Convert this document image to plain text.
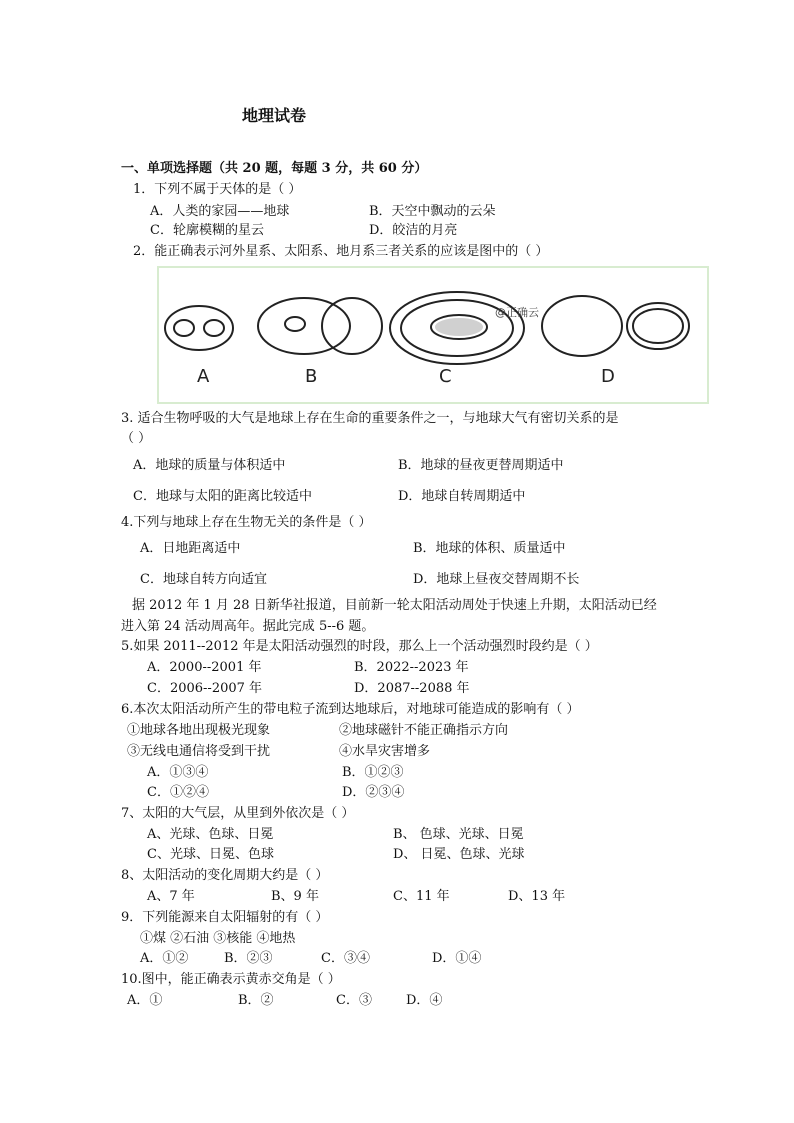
地理试卷
一、单项选择题（共 20 题，每题 3 分，共 60 分）
1．下列不属于天体的是（ ）
A．人类的家园——地球	B．天空中飘动的云朵
C．轮廓模糊的星云	D．皎洁的月亮
2．能正确表示河外星系、太阳系、地月系三者关系的应该是图中的（ ）
A	B	C	D
@正确云
3. 适合生物呼吸的大气是地球上存在生命的重要条件之一，与地球大气有密切关系的是
（ ）
A．地球的质量与体积适中	B．地球的昼夜更替周期适中
C．地球与太阳的距离比较适中	D．地球自转周期适中
4.下列与地球上存在生物无关的条件是（ ）
A．日地距离适中	B．地球的体积、质量适中
C．地球自转方向适宜	D．地球上昼夜交替周期不长
据 2012 年 1 月 28 日新华社报道，目前新一轮太阳活动周处于快速上升期，太阳活动已经
进入第 24 活动周高年。据此完成 5--6 题。
5.如果 2011--2012 年是太阳活动强烈的时段，那么上一个活动强烈时段约是（ ）
A．2000--2001 年	B．2022--2023 年
C．2006--2007 年	D．2087--2088 年
6.本次太阳活动所产生的带电粒子流到达地球后，对地球可能造成的影响有（ ）
①地球各地出现极光现象	②地球磁针不能正确指示方向
③无线电通信将受到干扰	④水旱灾害增多
A．①③④	B．①②③
C．①②④	D．②③④
7、太阳的大气层，从里到外依次是（ ）
A、光球、色球、日冕	B、 色球、光球、日冕
C、光球、日冕、色球	D、 日冕、色球、光球
8、太阳活动的变化周期大约是（ ）
A、7 年	B、9 年	C、11 年	D、13 年
9．下列能源来自太阳辐射的有（ ）
①煤 ②石油 ③核能 ④地热
A．①②	B．②③	C．③④	D．①④
10.图中，能正确表示黄赤交角是（ ）
A．①	B．②	C．③	D．④
